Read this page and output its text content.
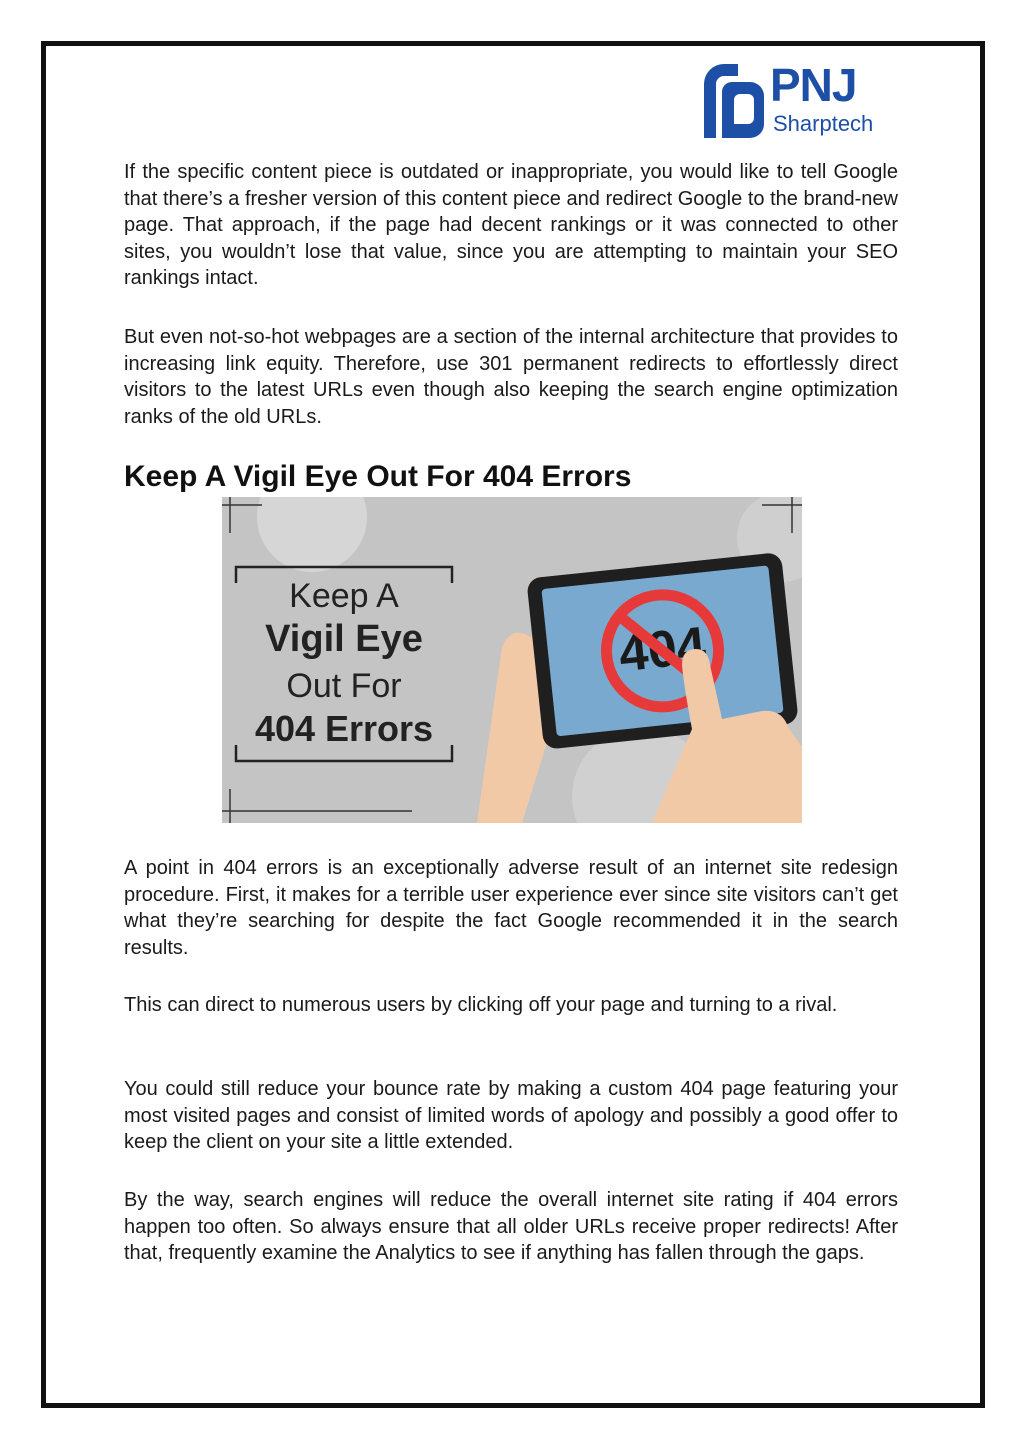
PNJ
Sharptech

If the specific content piece is outdated or inappropriate, you would like to tell Google that there’s a fresher version of this content piece and redirect Google to the brand-new page. That approach, if the page had decent rankings or it was connected to other sites, you wouldn’t lose that value, since you are attempting to maintain your SEO rankings intact.

But even not-so-hot webpages are a section of the internal architecture that provides to increasing link equity. Therefore, use 301 permanent redirects to effortlessly direct visitors to the latest URLs even though also keeping the search engine optimization ranks of the old URLs.

Keep A Vigil Eye Out For 404 Errors
Keep A
Vigil Eye
Out For
404 Errors

A point in 404 errors is an exceptionally adverse result of an internet site redesign procedure. First, it makes for a terrible user experience ever since site visitors can’t get what they’re searching for despite the fact Google recommended it in the search results.

This can direct to numerous users by clicking off your page and turning to a rival.

You could still reduce your bounce rate by making a custom 404 page featuring your most visited pages and consist of limited words of apology and possibly a good offer to keep the client on your site a little extended.

By the way, search engines will reduce the overall internet site rating if 404 errors happen too often. So always ensure that all older URLs receive proper redirects! After that, frequently examine the Analytics to see if anything has fallen through the gaps.
